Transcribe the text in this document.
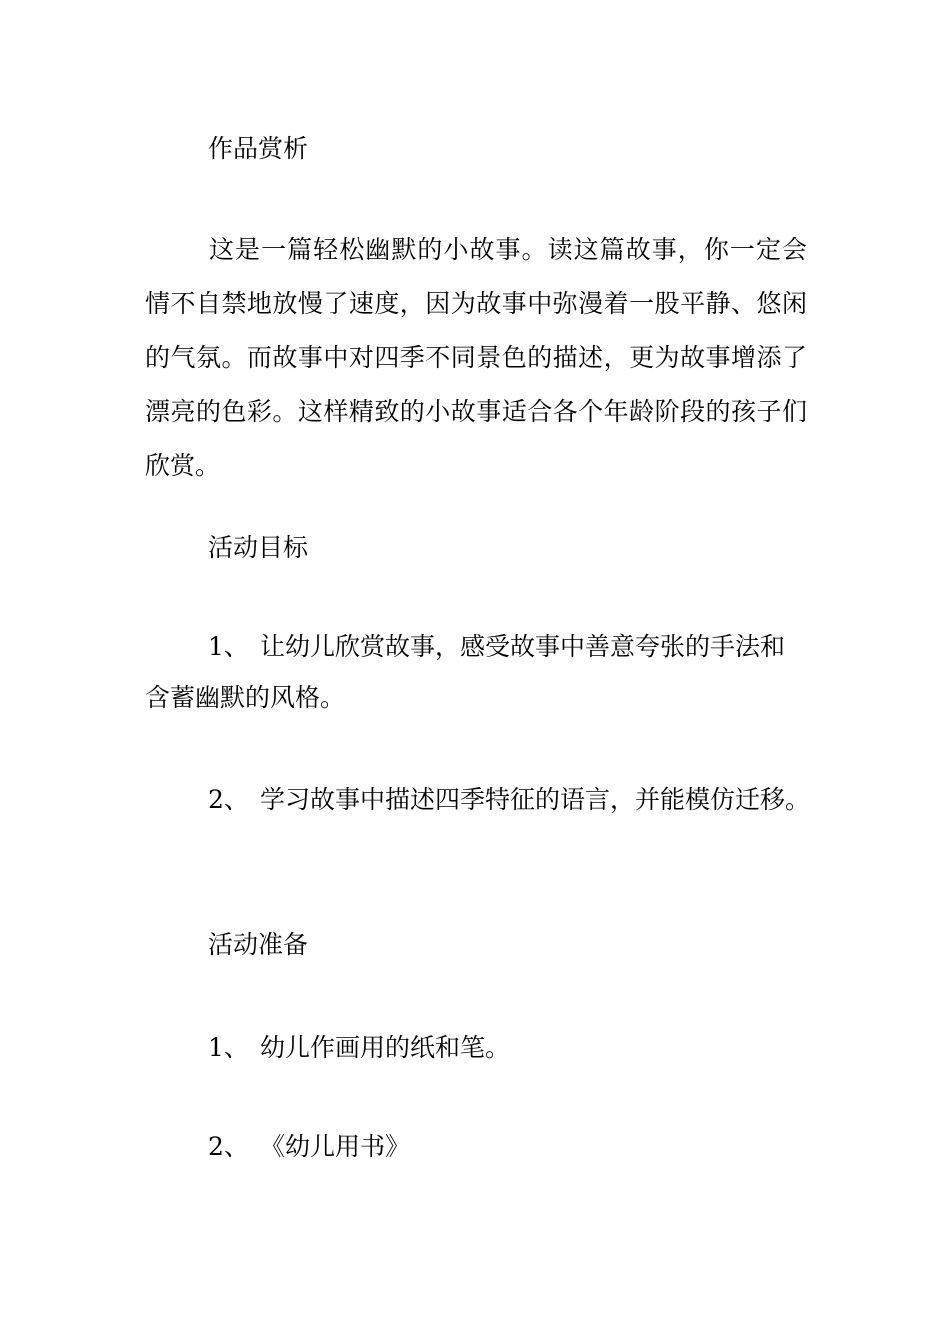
作品赏析
这是一篇轻松幽默的小故事。读这篇故事，你一定会情不自禁地放慢了速度，因为故事中弥漫着一股平静、悠闲的气氛。而故事中对四季不同景色的描述，更为故事增添了漂亮的色彩。这样精致的小故事适合各个年龄阶段的孩子们欣赏。
活动目标
1、 让幼儿欣赏故事，感受故事中善意夸张的手法和
含蓄幽默的风格。
2、 学习故事中描述四季特征的语言，并能模仿迁移。
活动准备
1、 幼儿作画用的纸和笔。
2、 《幼儿用书》
